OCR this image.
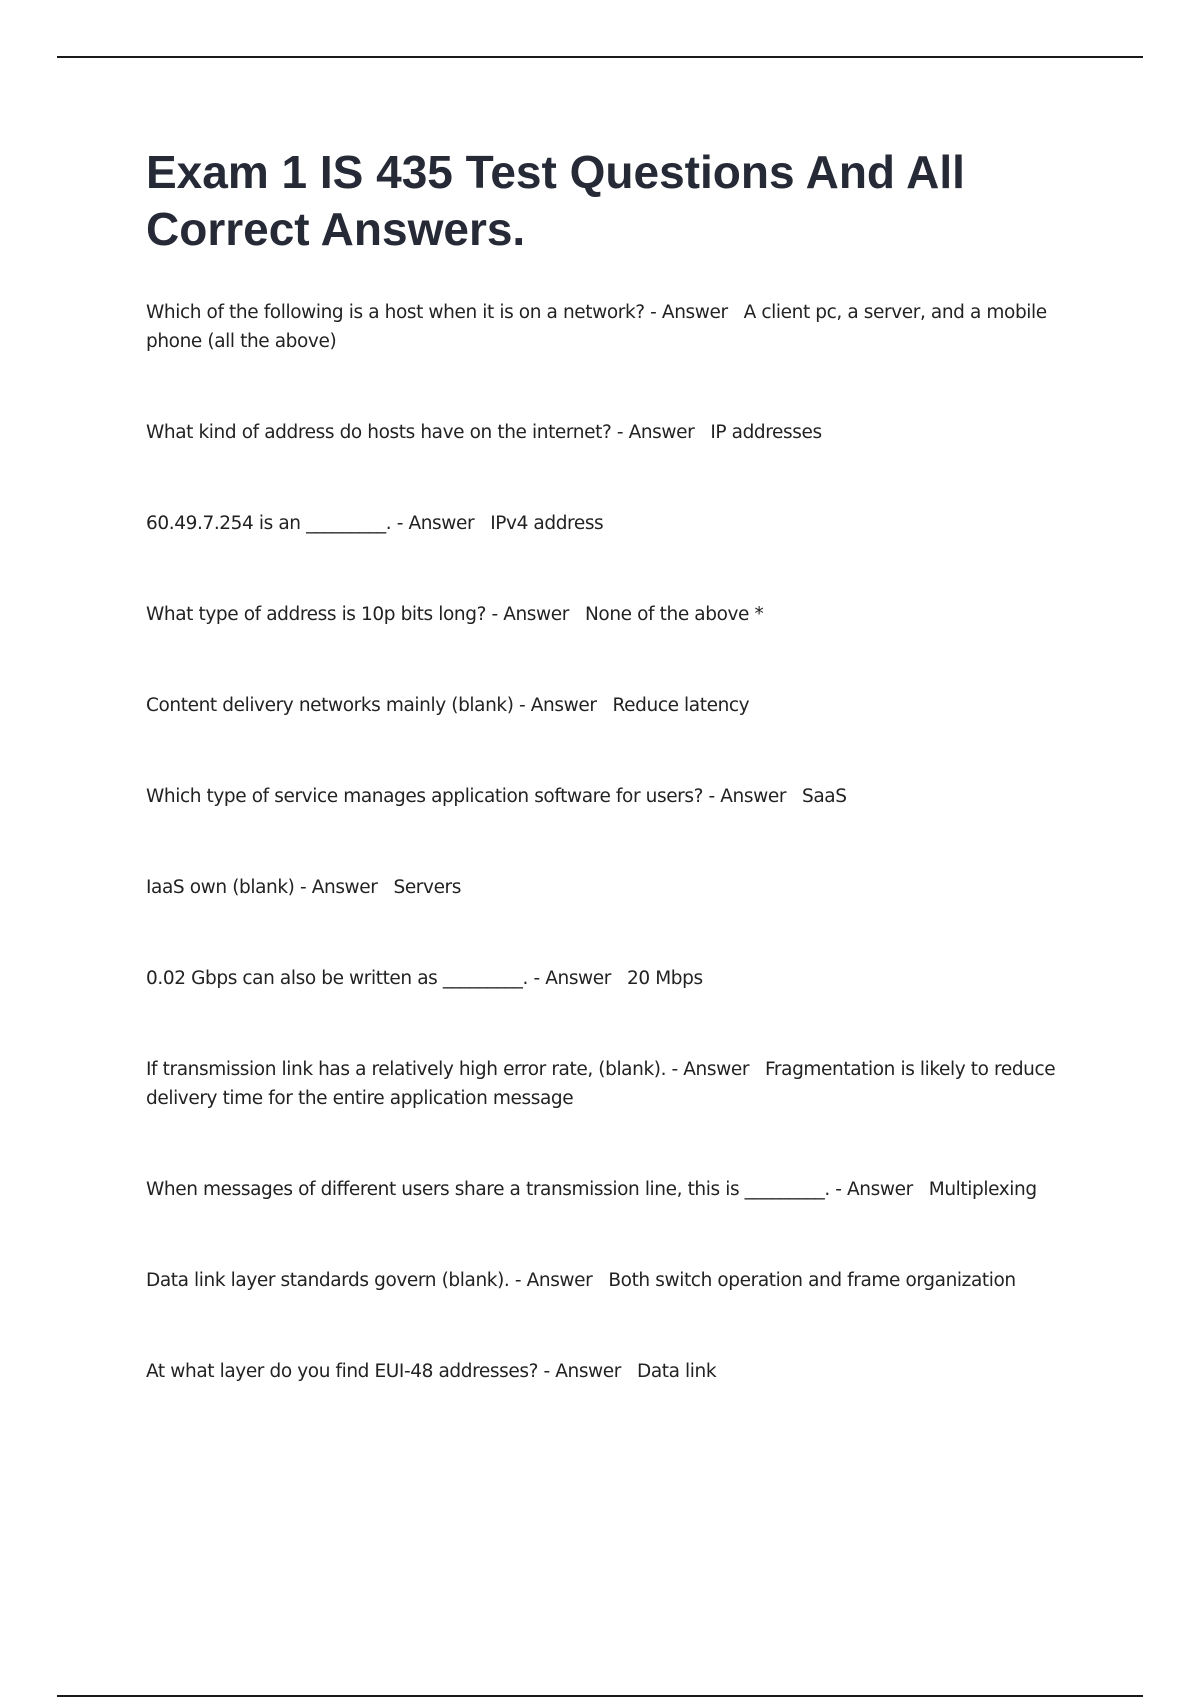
Exam 1 IS 435 Test Questions And All Correct Answers.

Which of the following is a host when it is on a network? - Answer A client pc, a server, and a mobile phone (all the above)

What kind of address do hosts have on the internet? - Answer IP addresses

60.49.7.254 is an _________. - Answer IPv4 address

What type of address is 10p bits long? - Answer None of the above *

Content delivery networks mainly (blank) - Answer Reduce latency

Which type of service manages application software for users? - Answer SaaS

IaaS own (blank) - Answer Servers

0.02 Gbps can also be written as _________. - Answer 20 Mbps

If transmission link has a relatively high error rate, (blank). - Answer Fragmentation is likely to reduce delivery time for the entire application message

When messages of different users share a transmission line, this is _________. - Answer Multiplexing

Data link layer standards govern (blank). - Answer Both switch operation and frame organization

At what layer do you find EUI-48 addresses? - Answer Data link
